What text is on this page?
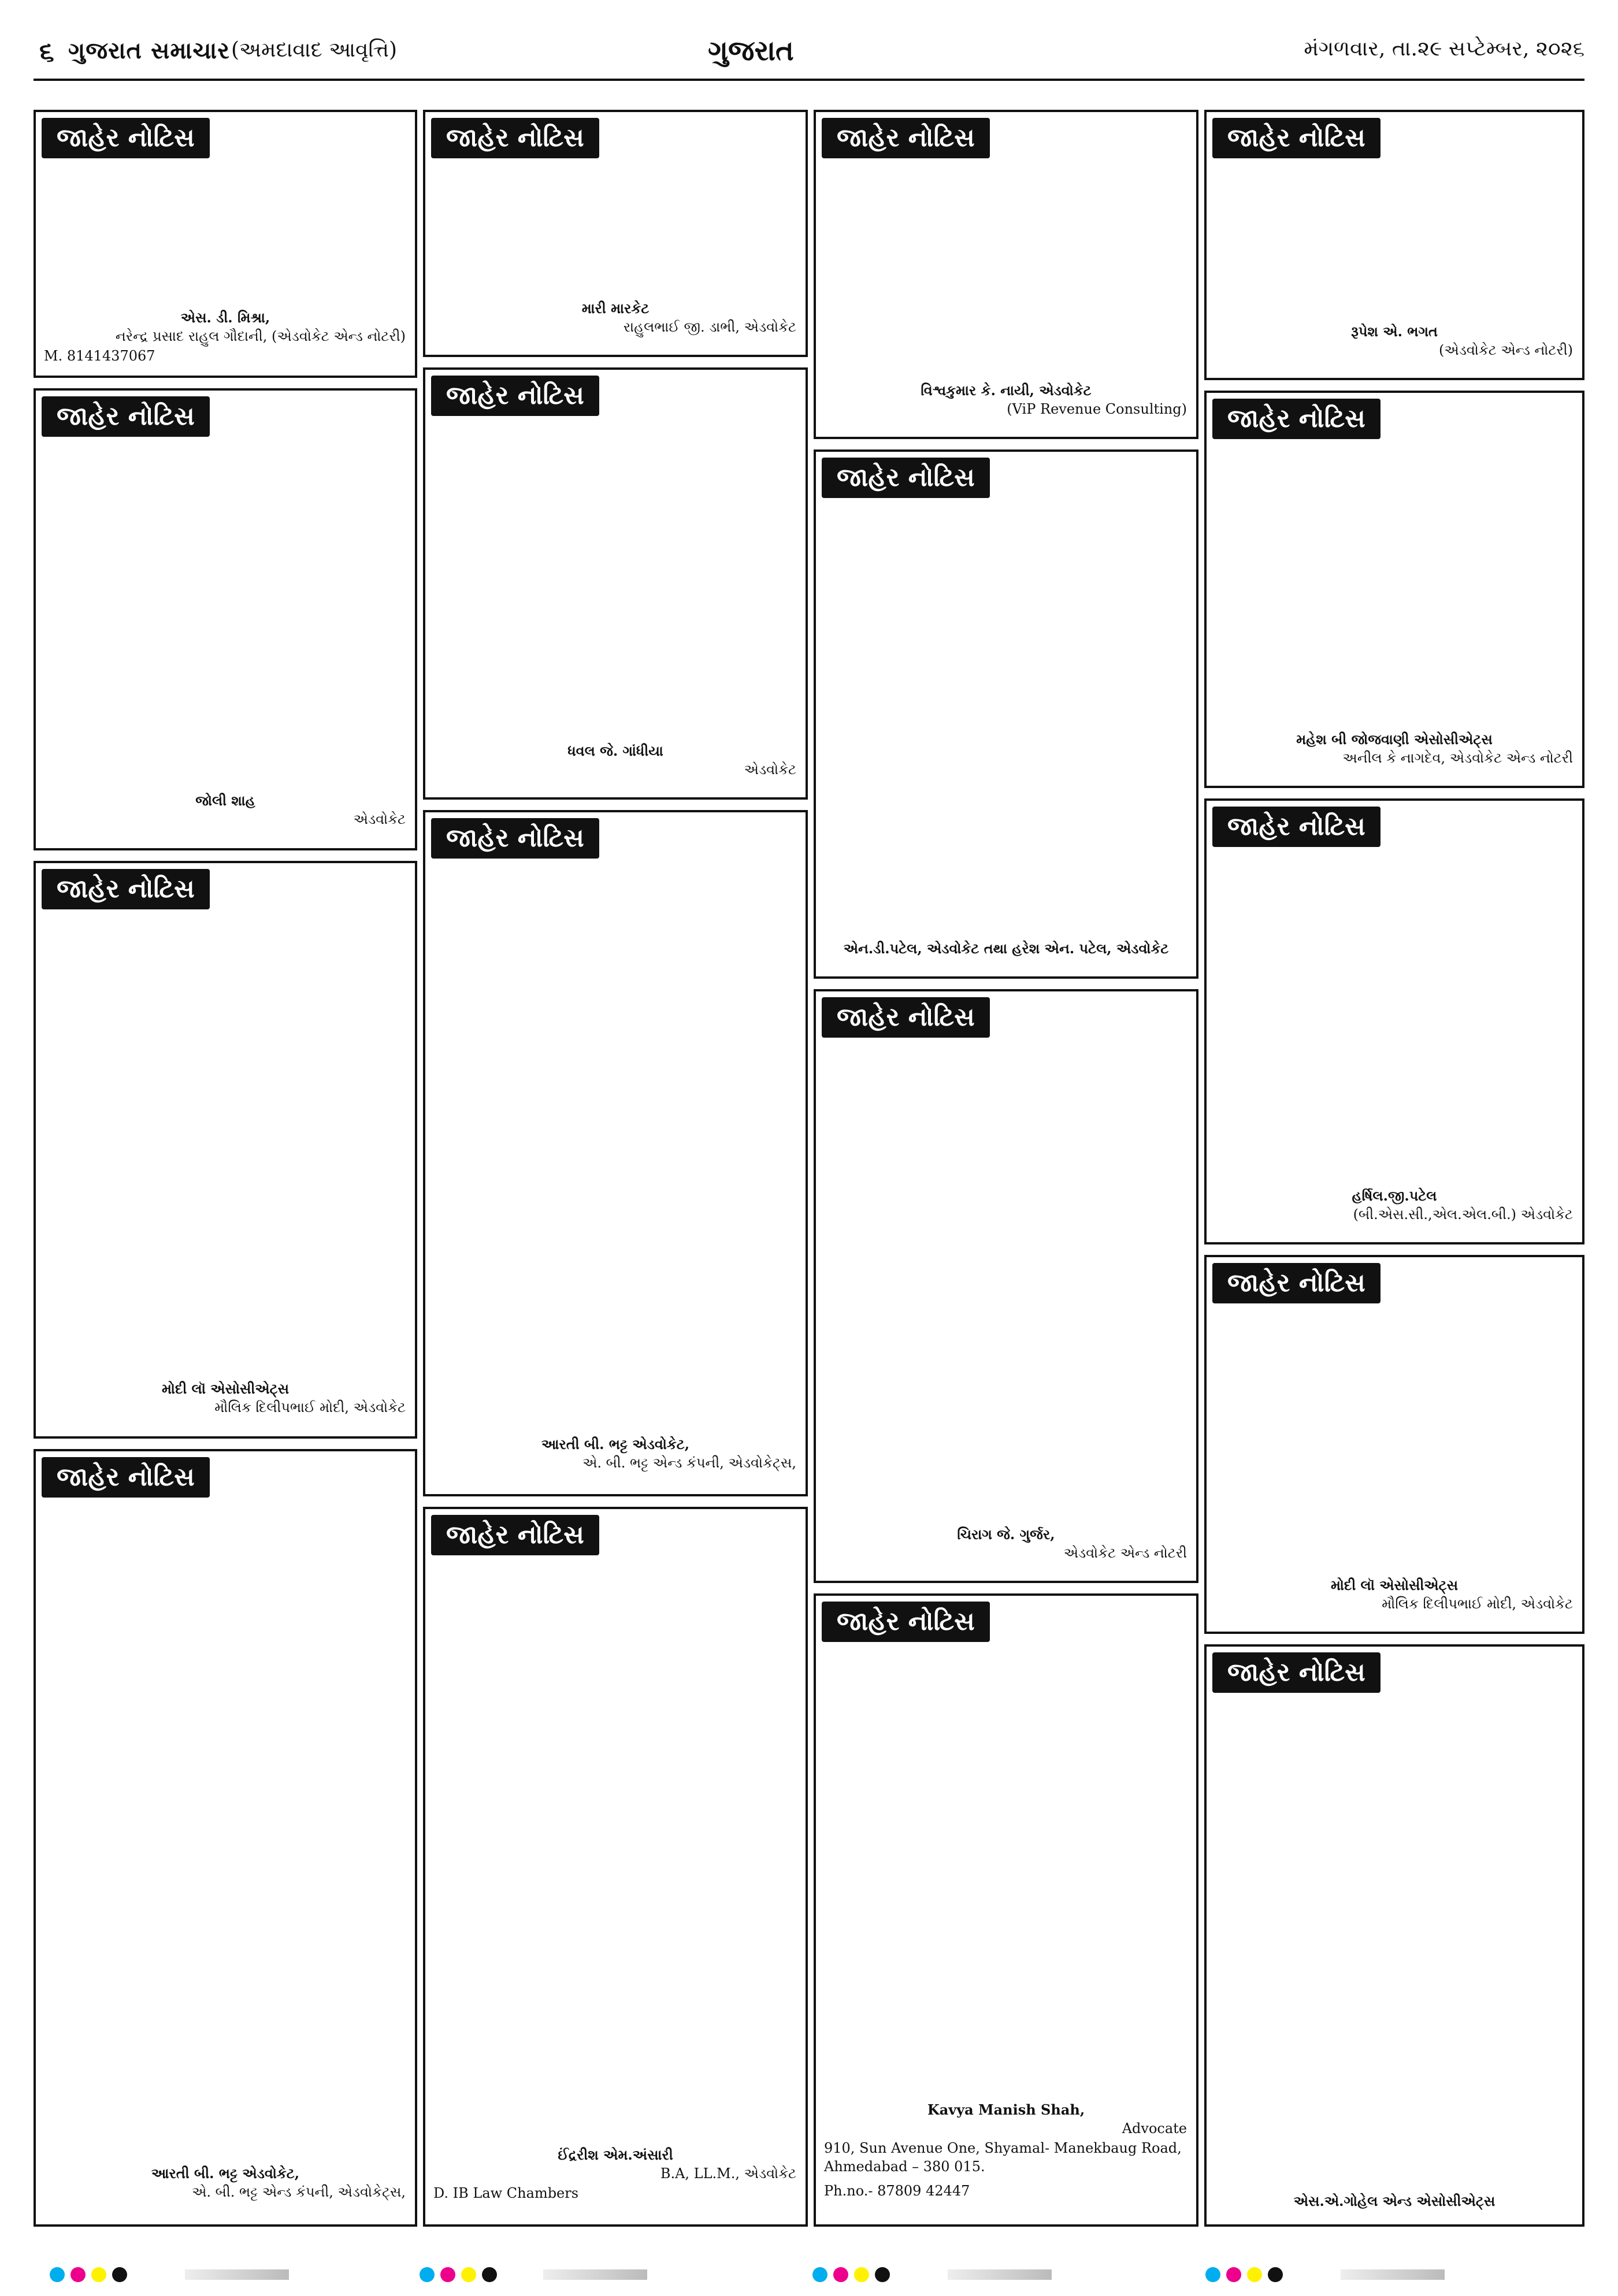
૬ ગુજરાત સમાચાર (અમદાવાદ આવૃત્તિ)	ગુજરાત	મંગળવાર, તા.૨૯ સપ્ટેમ્બર, ૨૦૨૬
જાહેર નોટિસ
એસ. ડી. મિશ્રા,
નરેન્દ્ર પ્રસાદ રાહુલ ગૌદાની, (એડવોકેટ એન્ડ નોટરી)
M. 8141437067
જાહેર નોટિસ
જોલી શાહ
એડવોકેટ
જાહેર નોટિસ
મોદી લૉ એસોસીએટ્સ
મૌલિક દિલીપભાઈ મોદી, એડવોકેટ
જાહેર નોટિસ
આરતી બી. ભટ્ટ એડવોકેટ,
એ. બી. ભટ્ટ એન્ડ કંપની, એડવોકેટ્સ,
જાહેર નોટિસ
મારી મારકેટ
રાહુલભાઈ જી. ડાભી, એડવોકેટ
જાહેર નોટિસ
ધવલ જે. ગાંધીયા
એડવોકેટ
જાહેર નોટિસ
આરતી બી. ભટ્ટ એડવોકેટ,
એ. બી. ભટ્ટ એન્ડ કંપની, એડવોકેટ્સ,
જાહેર નોટિસ
ઈંદ્રરીશ એમ.અંસારી
B.A, LL.M., એડવોકેટ
D. IB Law Chambers
જાહેર નોટિસ
વિશ્વકુમાર કે. નાયી, એડવોકેટ
(ViP Revenue Consulting)
જાહેર નોટિસ
એન.ડી.પટેલ, એડવોકેટ તથા હરેશ એન. પટેલ, એડવોકેટ
જાહેર નોટિસ
ચિરાગ જે. ગુર્જર,
એડવોકેટ એન્ડ નોટરી
જાહેર નોટિસ
Kavya Manish Shah,
Advocate
910, Sun Avenue One, Shyamal- Manekbaug Road, Ahmedabad – 380 015.
Ph.no.- 87809 42447
જાહેર નોટિસ
રૂપેશ એ. ભગત
(એડવોકેટ એન્ડ નોટરી)
જાહેર નોટિસ
મહેશ બી જોજવાણી એસોસીએટ્સ
અનીલ કે નાગદેવ, એડવોકેટ એન્ડ નોટરી
જાહેર નોટિસ
હર્ષિલ.જી.પટેલ
(બી.એસ.સી.,એલ.એલ.બી.) એડવોકેટ
જાહેર નોટિસ
મોદી લૉ એસોસીએટ્સ
મૌલિક દિલીપભાઈ મોદી, એડવોકેટ
જાહેર નોટિસ
એસ.એ.ગોહેલ એન્ડ એસોસીએટ્સ
